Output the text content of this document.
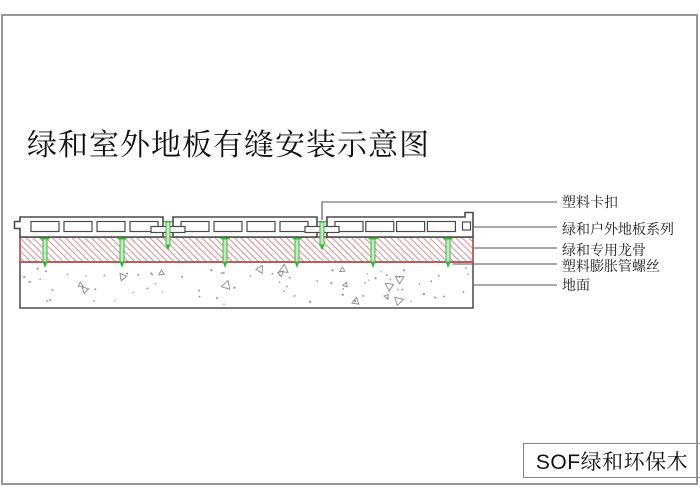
绿和室外地板有缝安装示意图
塑料卡扣
绿和户外地板系列
绿和专用龙骨
塑料膨胀管螺丝
地面
SOF绿和环保木
